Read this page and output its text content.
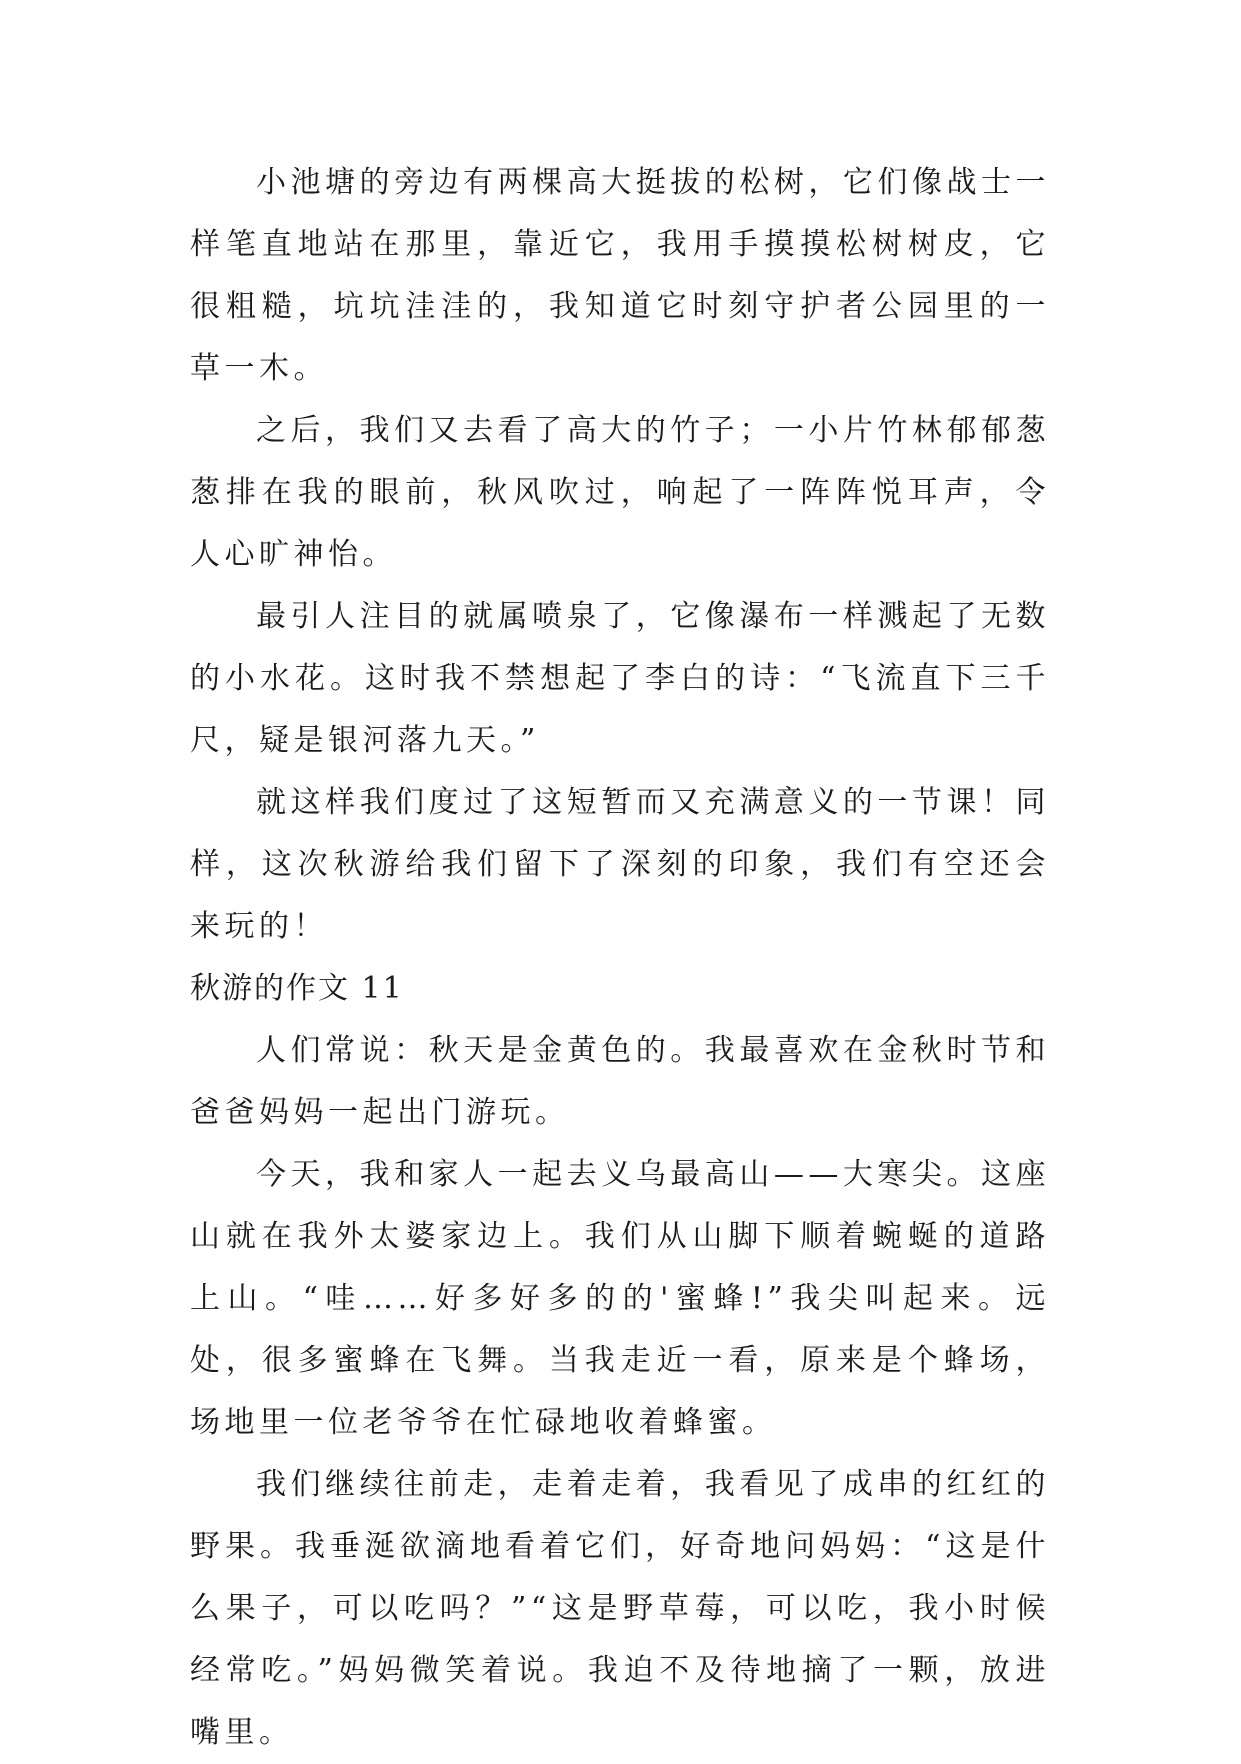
小池塘的旁边有两棵高大挺拔的松树，它们像战士一样笔直地站在那里，靠近它，我用手摸摸松树树皮，它很粗糙，坑坑洼洼的，我知道它时刻守护者公园里的一草一木。

之后，我们又去看了高大的竹子；一小片竹林郁郁葱葱排在我的眼前，秋风吹过，响起了一阵阵悦耳声，令人心旷神怡。

最引人注目的就属喷泉了，它像瀑布一样溅起了无数的小水花。这时我不禁想起了李白的诗：“飞流直下三千尺，疑是银河落九天。”

就这样我们度过了这短暂而又充满意义的一节课！同样，这次秋游给我们留下了深刻的印象，我们有空还会来玩的！

秋游的作文 11

人们常说：秋天是金黄色的。我最喜欢在金秋时节和爸爸妈妈一起出门游玩。

今天，我和家人一起去义乌最高山——大寒尖。这座山就在我外太婆家边上。我们从山脚下顺着蜿蜒的道路上山。“哇……好多好多的的'蜜蜂!”我尖叫起来。远处，很多蜜蜂在飞舞。当我走近一看，原来是个蜂场，场地里一位老爷爷在忙碌地收着蜂蜜。

我们继续往前走，走着走着，我看见了成串的红红的野果。我垂涎欲滴地看着它们，好奇地问妈妈：“这是什么果子，可以吃吗？”“这是野草莓，可以吃，我小时候经常吃。”妈妈微笑着说。我迫不及待地摘了一颗，放进嘴里。
